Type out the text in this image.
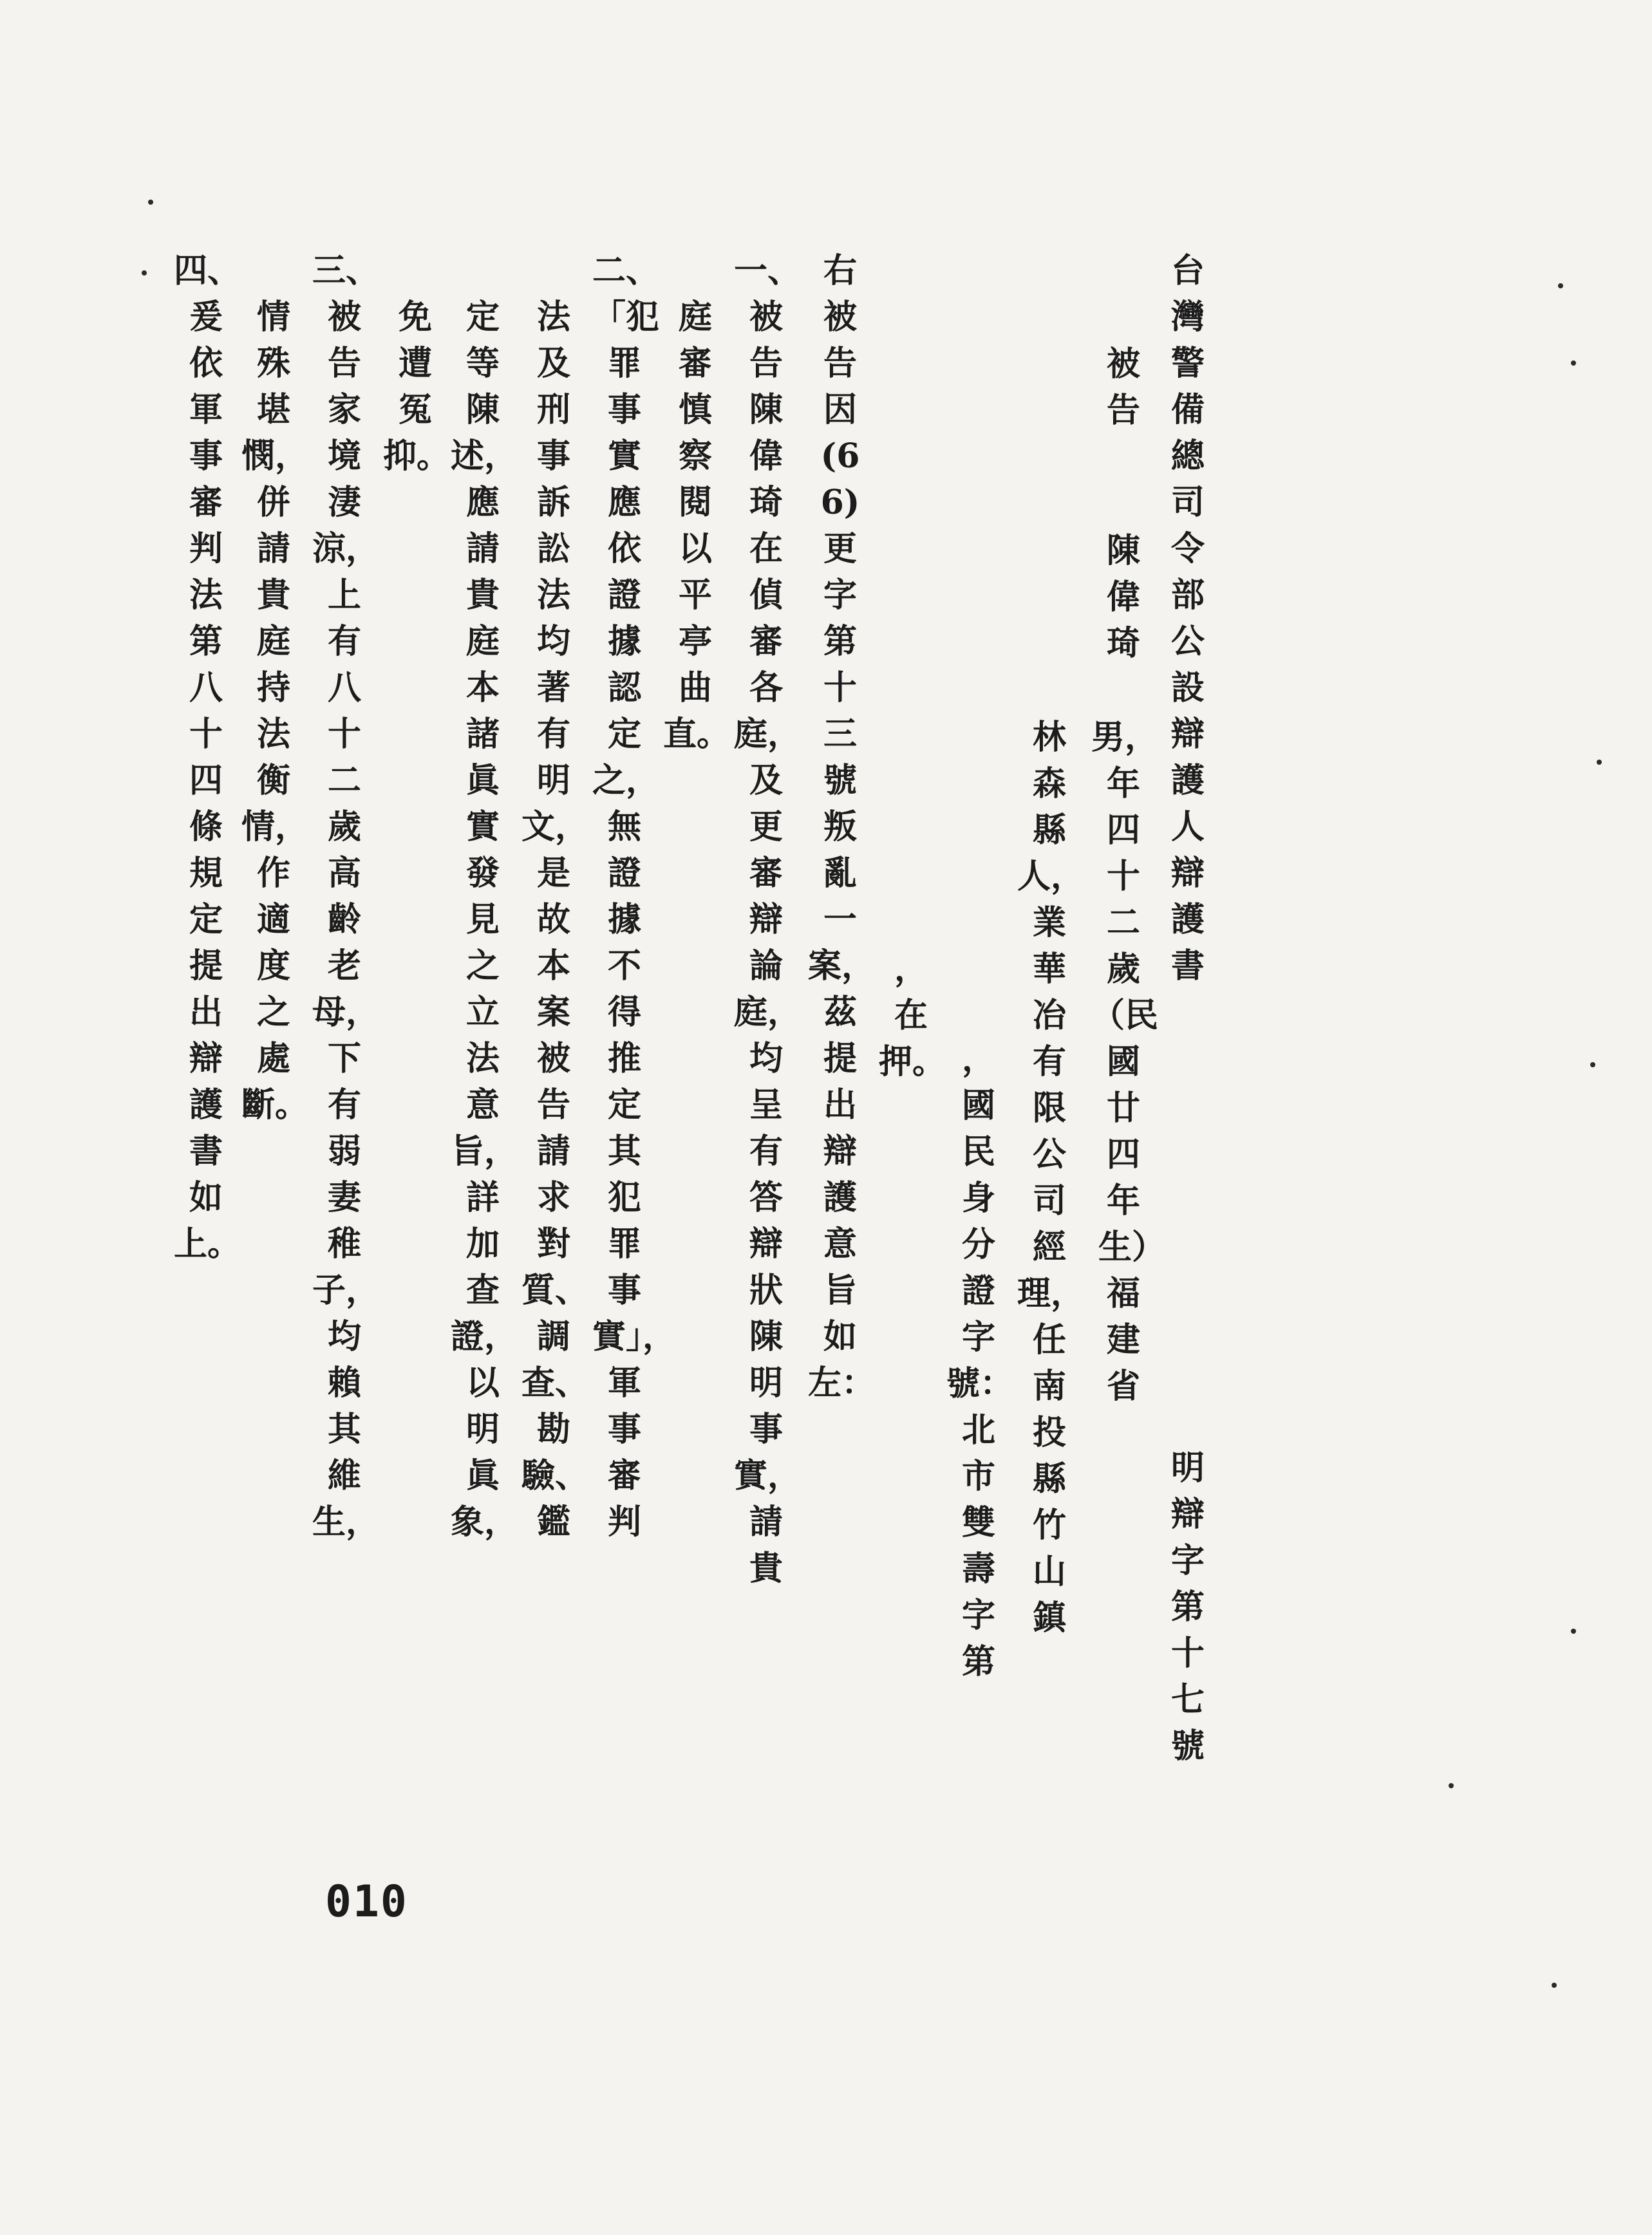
台灣警備總司令部公設辯護人辯護書
明辯字第十七號
被　告
陳偉琦
男，年四十二歲（民國廿四年生）福建省
林森縣人，業華冶有限公司經理，任南投縣竹山鎮
，國民身分證字號：北市雙壽字第
，在押。
右被告因(66)更字第十三號叛亂一案，茲提出辯護意旨如左：
一、被告陳偉琦在偵審各庭，及更審辯論庭，均呈有答辯狀陳明事實，請貴
庭審慎察閱以平亭曲直。
二、「犯罪事實應依證據認定之，無證據不得推定其犯罪事實」，軍事審判
法及刑事訴訟法均著有明文，是故本案被告請求對質、調查、勘驗、鑑
定等陳述，應請貴庭本諸眞實發見之立法意旨，詳加查證，以明眞象，
免遭冤抑。
三、被告家境淒涼，上有八十二歲高齡老母，下有弱妻稚子，均賴其維生，
情殊堪憫，併請貴庭持法衡情，作適度之處斷。
四、爰依軍事審判法第八十四條規定提出辯護書如上。
010
